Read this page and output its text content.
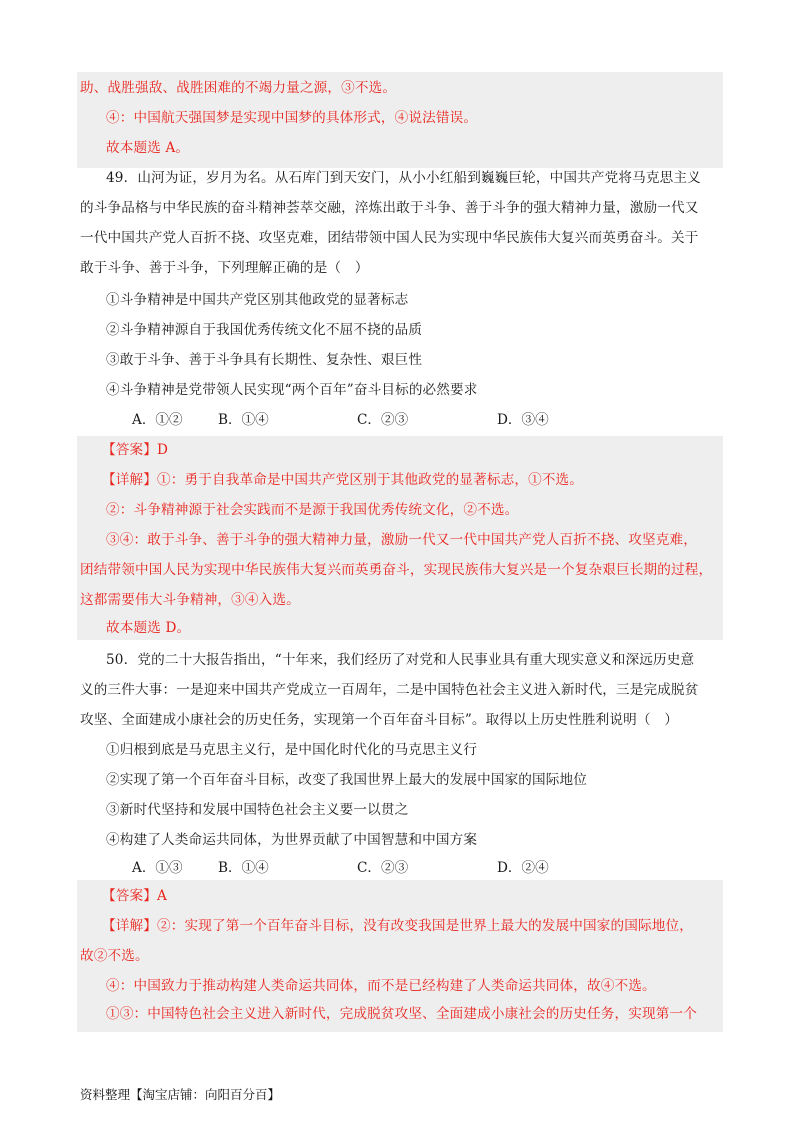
助、战胜强敌、战胜困难的不竭力量之源，③不选。
④：中国航天强国梦是实现中国梦的具体形式，④说法错误。
故本题选 A。
49．山河为证，岁月为名。从石库门到天安门，从小小红船到巍巍巨轮，中国共产党将马克思主义
的斗争品格与中华民族的奋斗精神荟萃交融，淬炼出敢于斗争、善于斗争的强大精神力量，激励一代又
一代中国共产党人百折不挠、攻坚克难，团结带领中国人民为实现中华民族伟大复兴而英勇奋斗。关于
敢于斗争、善于斗争，下列理解正确的是（　）
①斗争精神是中国共产党区别其他政党的显著标志
②斗争精神源自于我国优秀传统文化不屈不挠的品质
③敢于斗争、善于斗争具有长期性、复杂性、艰巨性
④斗争精神是党带领人民实现“两个百年”奋斗目标的必然要求
A．①②	B．①④	C．②③	D．③④
【答案】D
【详解】①：勇于自我革命是中国共产党区别于其他政党的显著标志，①不选。
②：斗争精神源于社会实践而不是源于我国优秀传统文化，②不选。
③④：敢于斗争、善于斗争的强大精神力量，激励一代又一代中国共产党人百折不挠、攻坚克难，
团结带领中国人民为实现中华民族伟大复兴而英勇奋斗，实现民族伟大复兴是一个复杂艰巨长期的过程，
这都需要伟大斗争精神，③④入选。
故本题选 D。
50．党的二十大报告指出，“十年来，我们经历了对党和人民事业具有重大现实意义和深远历史意
义的三件大事：一是迎来中国共产党成立一百周年，二是中国特色社会主义进入新时代，三是完成脱贫
攻坚、全面建成小康社会的历史任务，实现第一个百年奋斗目标”。取得以上历史性胜利说明（　）
①归根到底是马克思主义行，是中国化时代化的马克思主义行
②实现了第一个百年奋斗目标，改变了我国世界上最大的发展中国家的国际地位
③新时代坚持和发展中国特色社会主义要一以贯之
④构建了人类命运共同体，为世界贡献了中国智慧和中国方案
A．①③	B．①④	C．②③	D．②④
【答案】A
【详解】②：实现了第一个百年奋斗目标，没有改变我国是世界上最大的发展中国家的国际地位，
故②不选。
④：中国致力于推动构建人类命运共同体，而不是已经构建了人类命运共同体，故④不选。
①③：中国特色社会主义进入新时代，完成脱贫攻坚、全面建成小康社会的历史任务，实现第一个
资料整理【淘宝店铺：向阳百分百】
